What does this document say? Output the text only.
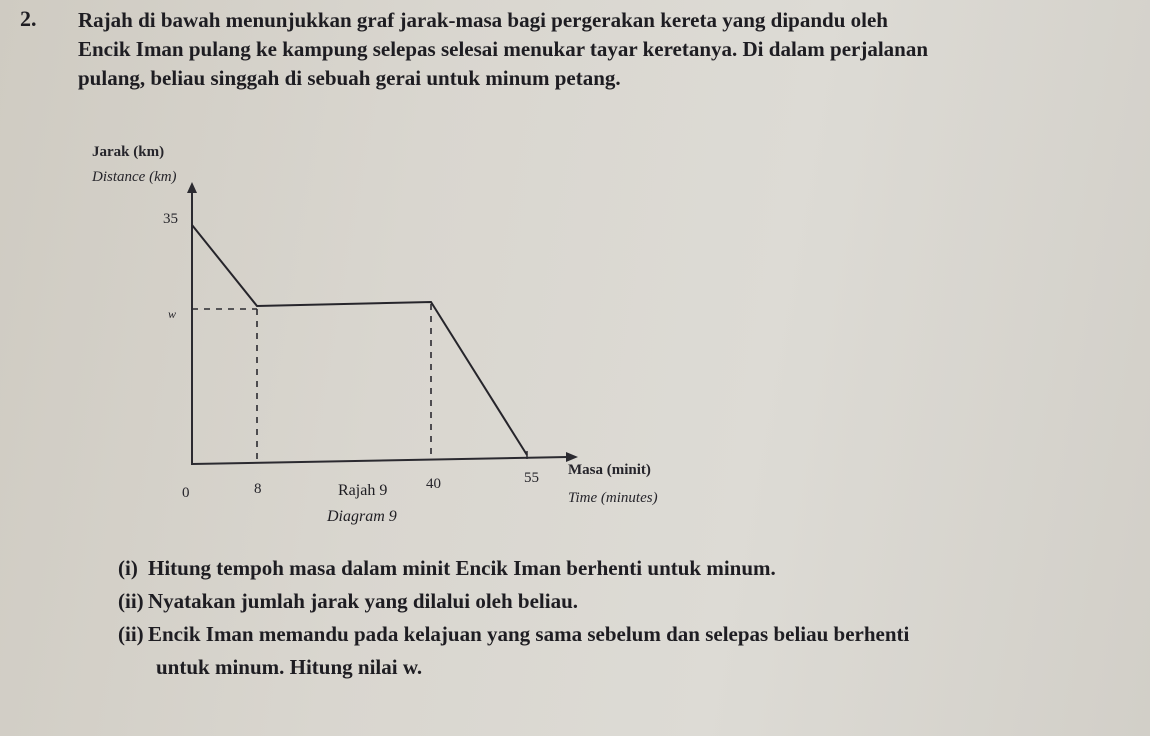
2. Rajah di bawah menunjukkan graf jarak-masa bagi pergerakan kereta yang dipandu oleh
Encik Iman pulang ke kampung selepas selesai menukar tayar keretanya. Di dalam perjalanan
pulang, beliau singgah di sebuah gerai untuk minum petang.

Jarak (km)
Distance (km)
Masa (minit)
Time (minutes)
35
w
0	8	40	55
Rajah 9
Diagram 9
(i) Hitung tempoh masa dalam minit Encik Iman berhenti untuk minum.
(ii) Nyatakan jumlah jarak yang dilalui oleh beliau.
(ii) Encik Iman memandu pada kelajuan yang sama sebelum dan selepas beliau berhenti
untuk minum. Hitung nilai w.
